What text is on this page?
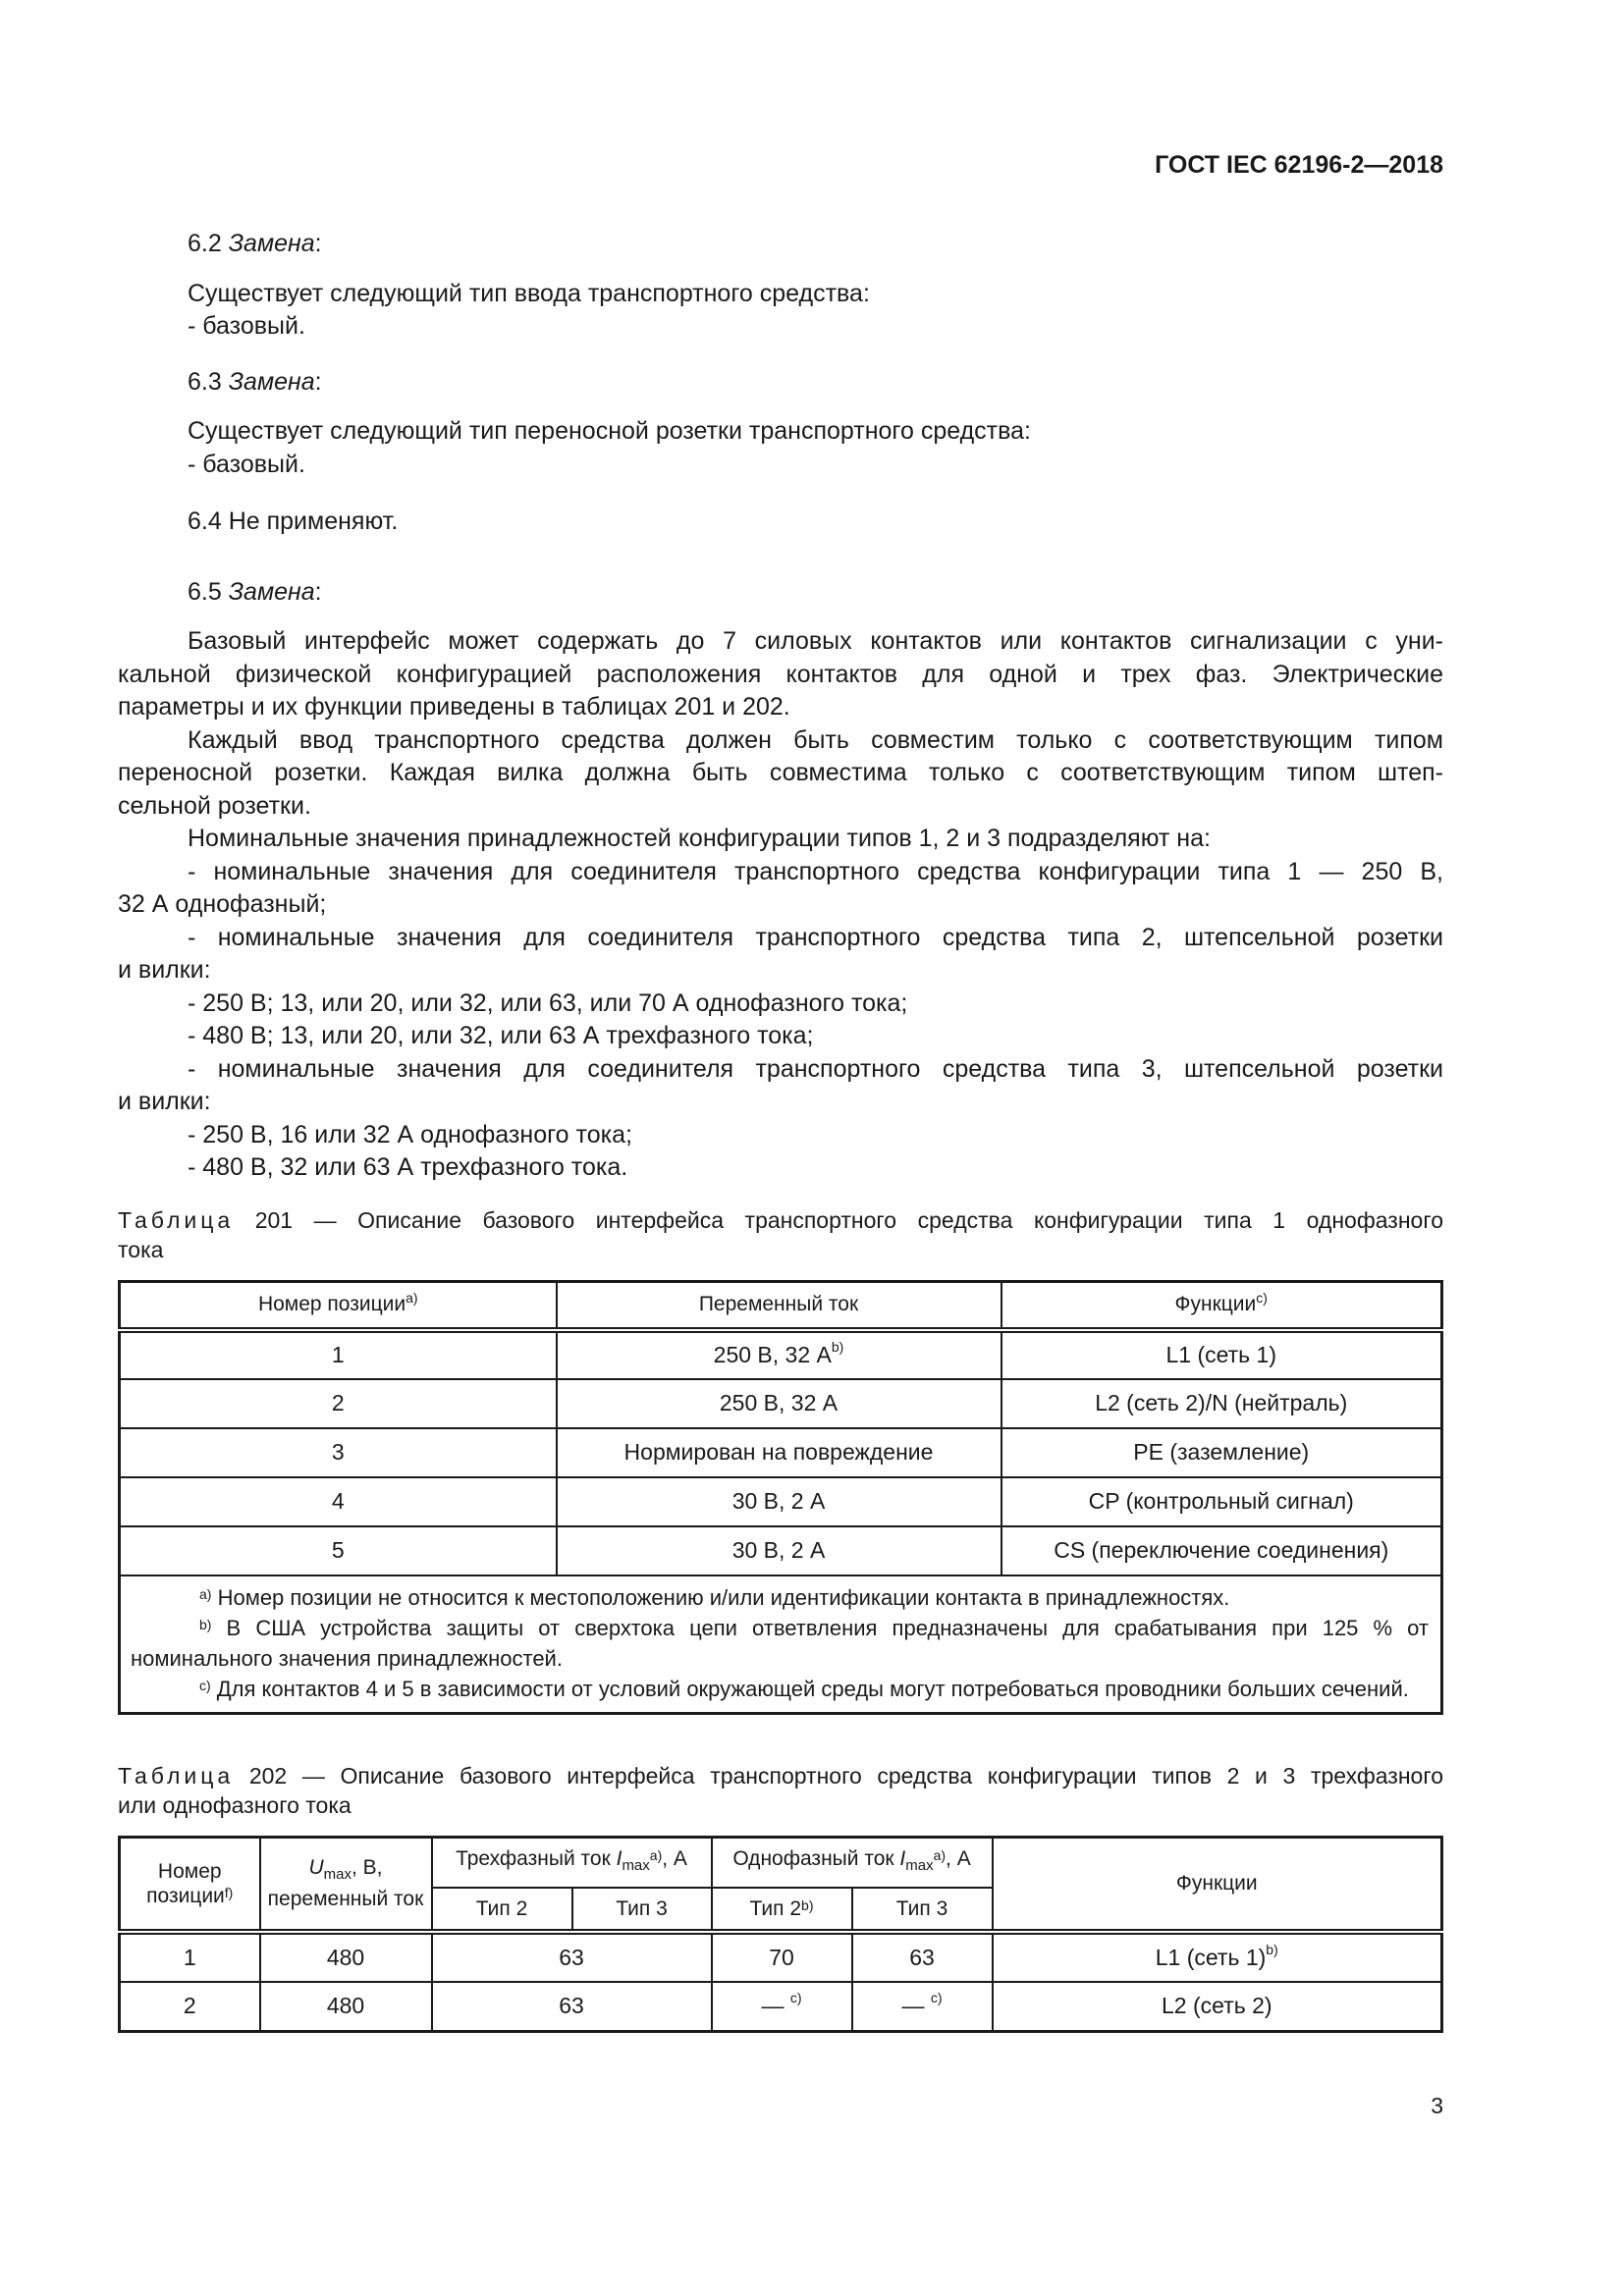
ГОСТ IEC 62196-2—2018
6.2 Замена:
Существует следующий тип ввода транспортного средства:
- базовый.
6.3 Замена:
Существует следующий тип переносной розетки транспортного средства:
- базовый.
6.4 Не применяют.
6.5 Замена:
Базовый интерфейс может содержать до 7 силовых контактов или контактов сигнализации с уни-
кальной физической конфигурацией расположения контактов для одной и трех фаз. Электрические
параметры и их функции приведены в таблицах 201 и 202.
Каждый ввод транспортного средства должен быть совместим только с соответствующим типом
переносной розетки. Каждая вилка должна быть совместима только с соответствующим типом штеп-
сельной розетки.
Номинальные значения принадлежностей конфигурации типов 1, 2 и 3 подразделяют на:
- номинальные значения для соединителя транспортного средства конфигурации типа 1 — 250 В,
32 А однофазный;
- номинальные значения для соединителя транспортного средства типа 2, штепсельной розетки
и вилки:
- 250 В; 13, или 20, или 32, или 63, или 70 А однофазного тока;
- 480 В; 13, или 20, или 32, или 63 А трехфазного тока;
- номинальные значения для соединителя транспортного средства типа 3, штепсельной розетки
и вилки:
- 250 В, 16 или 32 А однофазного тока;
- 480 В, 32 или 63 А трехфазного тока.
Таблица 201 — Описание базового интерфейса транспортного средства конфигурации типа 1 однофазного
тока
Номер позиции$^{a)}$	Переменный ток	Функции$^{c)}$
1	250 В, 32 $А^{b)}$	L1 (сеть 1)
2	250 В, 32 А	L2 (сеть 2)/N (нейтраль)
3	Нормирован на повреждение	PE (заземление)
4	30 В, 2 А	CP (контрольный сигнал)
5	30 В, 2 А	CS (переключение соединения)

$^{a)}$ Номер позиции не относится к местоположению и/или идентификации контакта в принадлежностях.
$^{b)}$ В США устройства защиты от сверхтока цепи ответвления предназначены для срабатывания при 125 % от номинального значения принадлежностей.
$^{c)}$ Для контактов 4 и 5 в зависимости от условий окружающей среды могут потребоваться проводники больших сечений.		
Таблица 202 — Описание базового интерфейса транспортного средства конфигурации типов 2 и 3 трехфазного
или однофазного тока
Номер позиции$^{f)}$	$U_{max}$, В, переменный ток	Трехфазный ток $I_{max}^{a)}$, А		Однофазный ток $I_{max}^{a)}$, А		Функции
		Тип 2	Тип 3	Тип 2$^{b)}$	Тип 3	
1	480	63		70	63	L1 (сеть 1)$^{b)}$
2	480	63		— $^{c)}$	— $^{c)}$	L2 (сеть 2)
3
